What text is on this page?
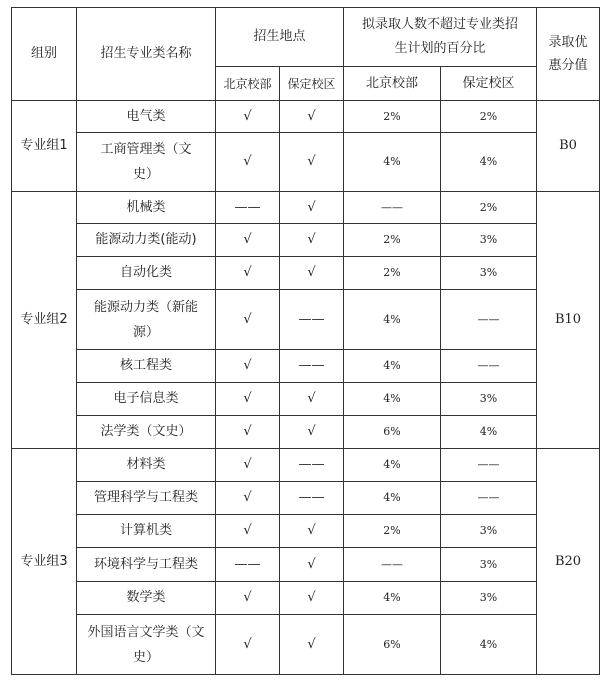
组别	招生专业类名称	招生地点		拟录取人数不超过专业类招生计划的百分比		录取优惠分值
		北京校部	保定校区	北京校部	保定校区	
专业组1	电气类	√	√	2%	2%	B0
	工商管理类（文史）	√	√	4%	4%	
专业组2	机械类	——	√	——	2%	B10
	能源动力类(能动)	√	√	2%	3%	
	自动化类	√	√	2%	3%	
	能源动力类（新能源）	√	——	4%	——	
	核工程类	√	——	4%	——	
	电子信息类	√	√	4%	3%	
	法学类（文史）	√	√	6%	4%	
专业组3	材料类	√	——	4%	——	B20
	管理科学与工程类	√	——	4%	——	
	计算机类	√	√	2%	3%	
	环境科学与工程类	——	√	——	3%	
	数学类	√	√	4%	3%	
	外国语言文学类（文史）	√	√	6%	4%	
